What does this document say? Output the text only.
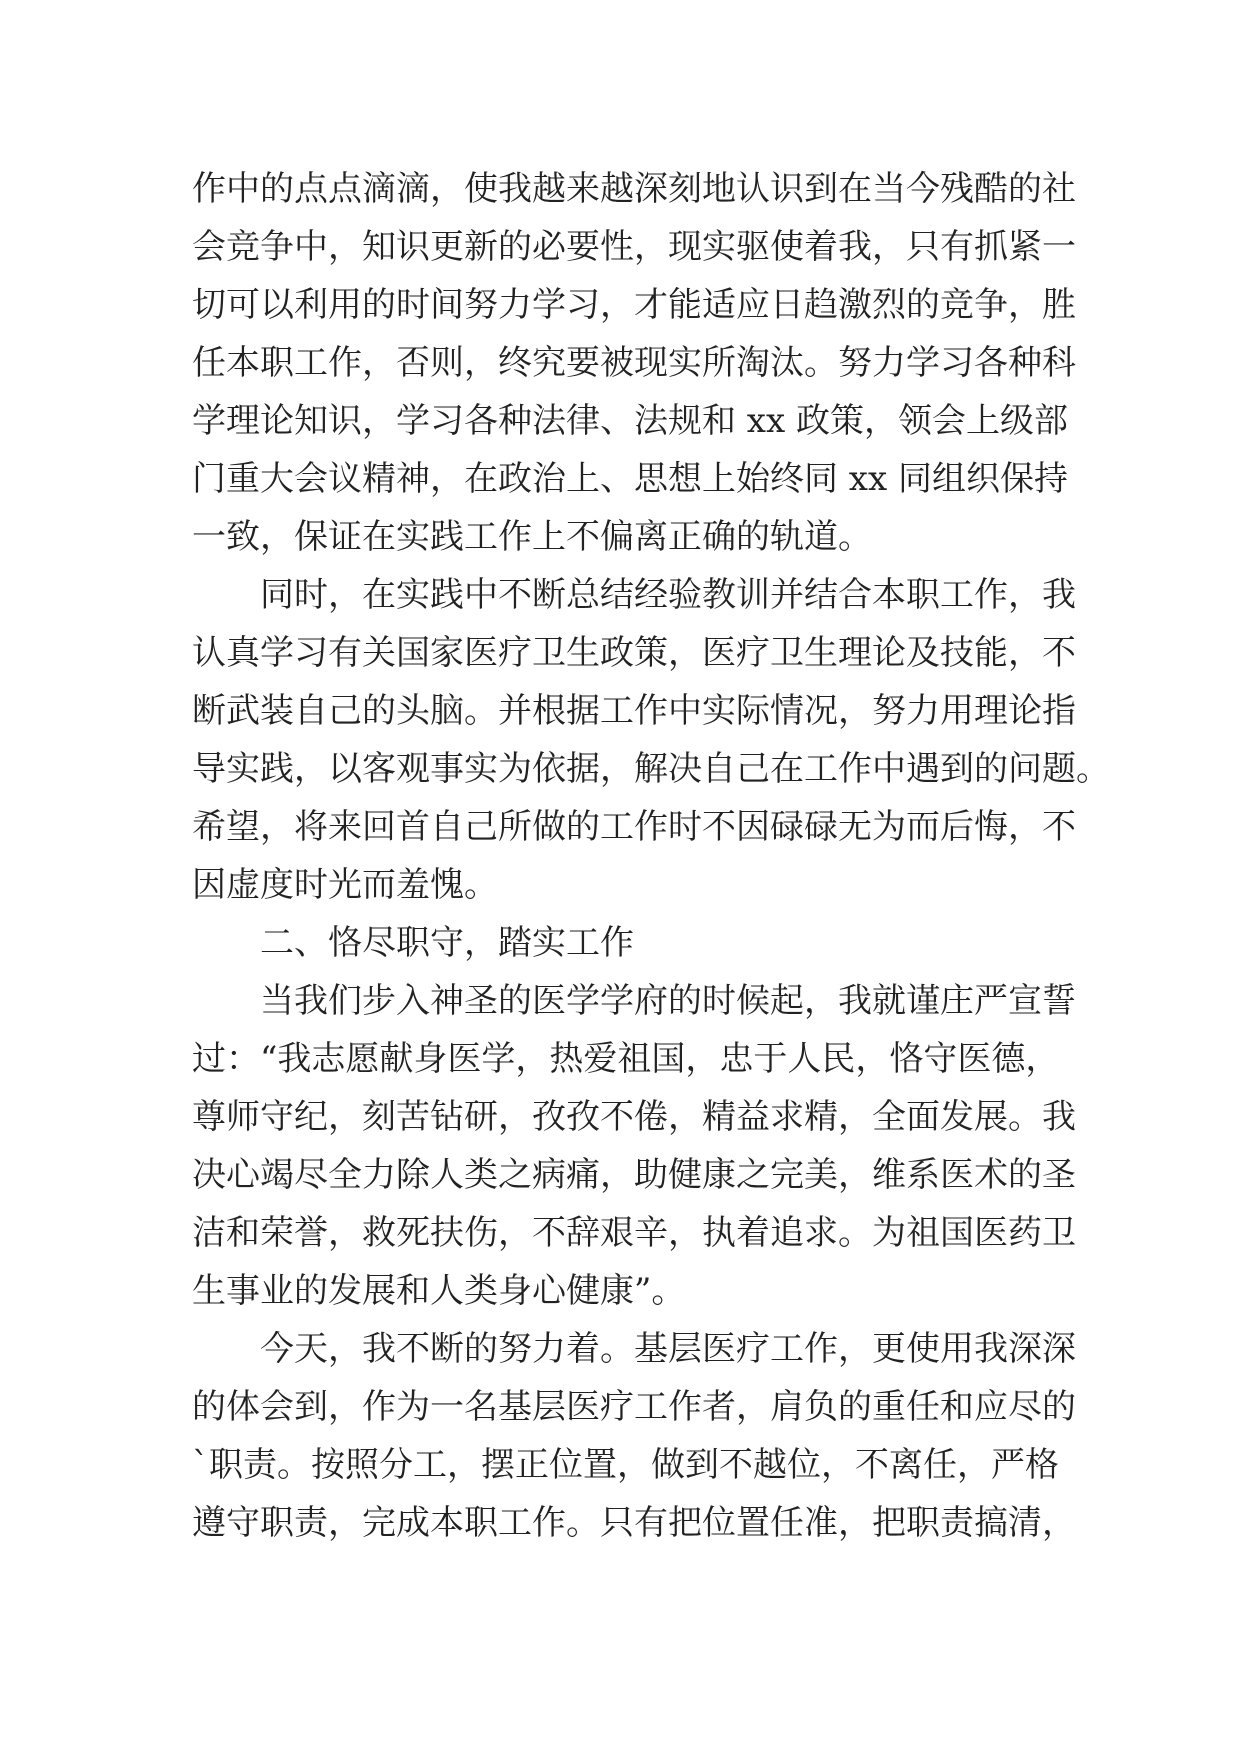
作中的点点滴滴，使我越来越深刻地认识到在当今残酷的社
会竞争中，知识更新的必要性，现实驱使着我，只有抓紧一
切可以利用的时间努力学习，才能适应日趋激烈的竞争，胜
任本职工作，否则，终究要被现实所淘汰。努力学习各种科
学理论知识，学习各种法律、法规和 xx 政策，领会上级部
门重大会议精神，在政治上、思想上始终同 xx 同组织保持
一致，保证在实践工作上不偏离正确的轨道。
同时，在实践中不断总结经验教训并结合本职工作，我
认真学习有关国家医疗卫生政策，医疗卫生理论及技能，不
断武装自己的头脑。并根据工作中实际情况，努力用理论指
导实践，以客观事实为依据，解决自己在工作中遇到的问题。
希望，将来回首自己所做的工作时不因碌碌无为而后悔，不
因虚度时光而羞愧。
二、恪尽职守，踏实工作
当我们步入神圣的医学学府的时候起，我就谨庄严宣誓
过：“我志愿献身医学，热爱祖国，忠于人民，恪守医德，
尊师守纪，刻苦钻研，孜孜不倦，精益求精，全面发展。我
决心竭尽全力除人类之病痛，助健康之完美，维系医术的圣
洁和荣誉，救死扶伤，不辞艰辛，执着追求。为祖国医药卫
生事业的发展和人类身心健康”。
今天，我不断的努力着。基层医疗工作，更使用我深深
的体会到，作为一名基层医疗工作者，肩负的重任和应尽的
`职责。按照分工，摆正位置，做到不越位，不离任，严格
遵守职责，完成本职工作。只有把位置任准，把职责搞清，
